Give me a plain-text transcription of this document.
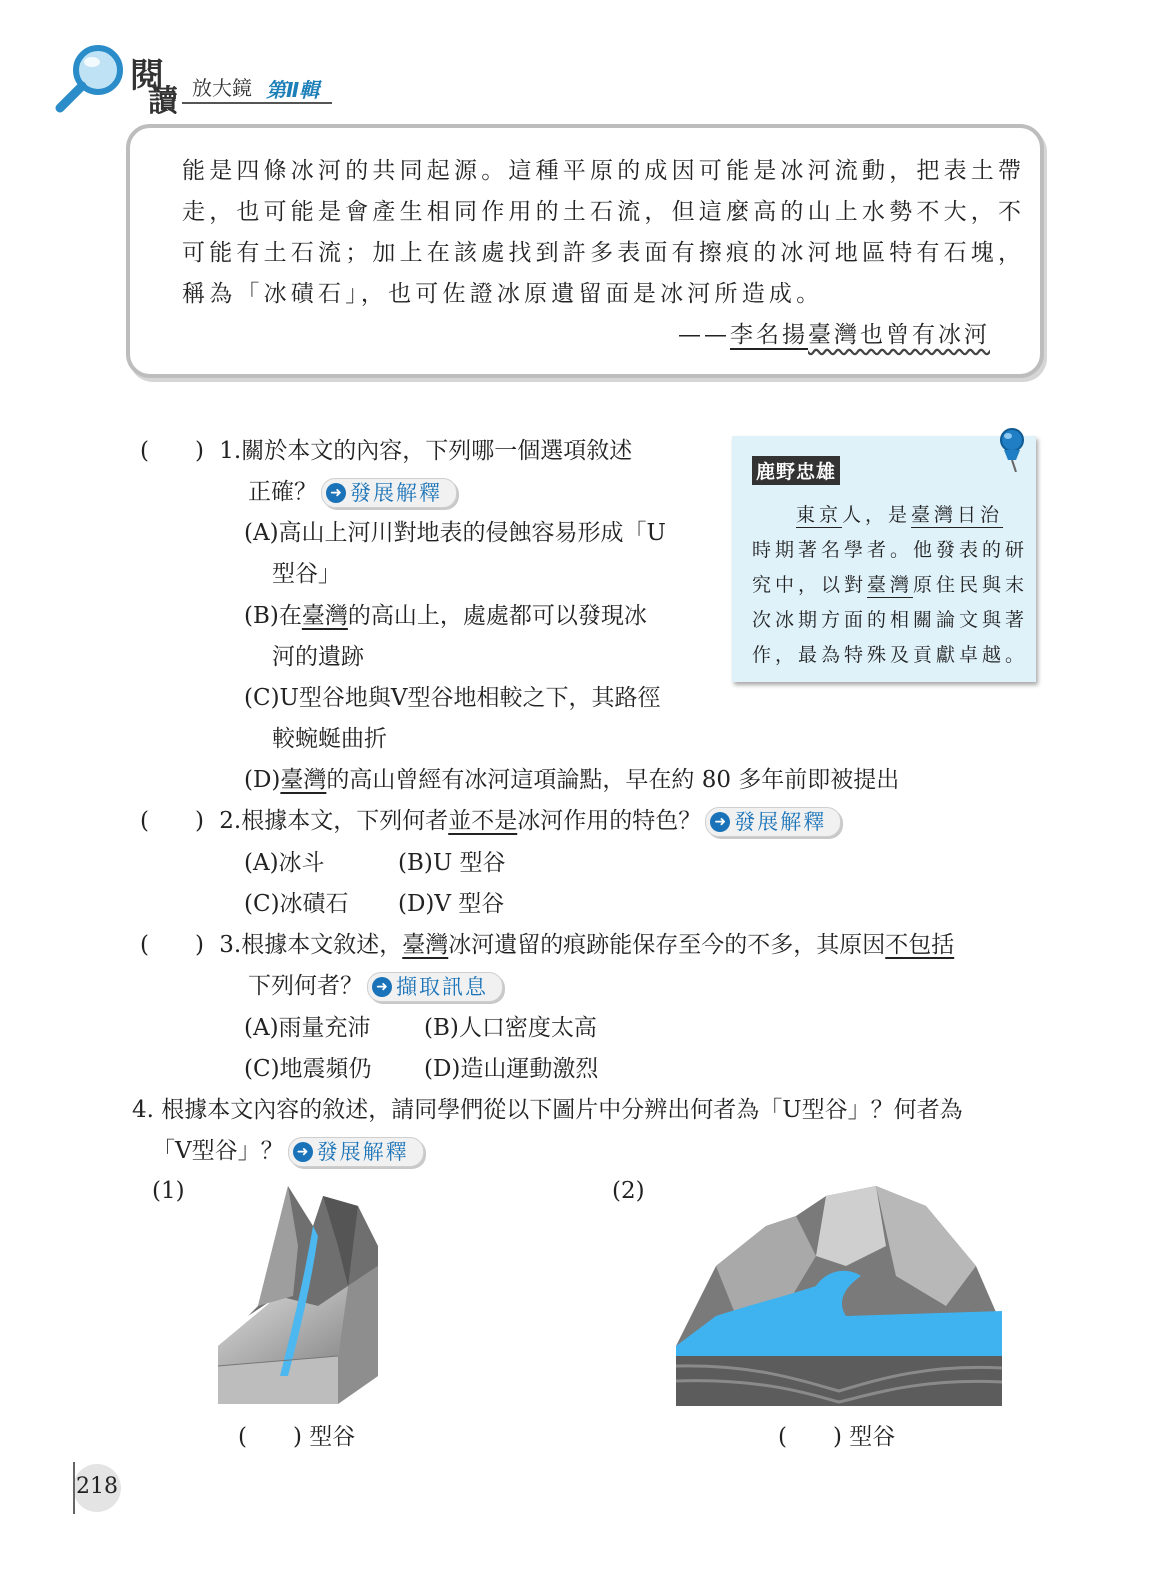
閱
讀 放大鏡 第Ⅱ輯
能是四條冰河的共同起源。這種平原的成因可能是冰河流動，把表土帶
走，也可能是會產生相同作用的土石流，但這麼高的山上水勢不大，不
可能有土石流；加上在該處找到許多表面有擦痕的冰河地區特有石塊，
稱為「冰磧石」，也可佐證冰原遺留面是冰河所造成。
——李名揚臺灣也曾有冰河
鹿野忠雄
東京人，是臺灣日治
時期著名學者。他發表的研
究中，以對臺灣原住民與末
次冰期方面的相關論文與著
作，最為特殊及貢獻卓越。
(　　) 1.關於本文的內容，下列哪一個選項敘述
正確？ ➜ 發展解釋
(A)高山上河川對地表的侵蝕容易形成「U
型谷」
(B)在臺灣的高山上，處處都可以發現冰
河的遺跡
(C)U型谷地與V型谷地相較之下，其路徑
較蜿蜒曲折
(D)臺灣的高山曾經有冰河這項論點，早在約 80 多年前即被提出
(　　) 2.根據本文，下列何者並不是冰河作用的特色？ ➜ 發展解釋
(A)冰斗	(B)U 型谷
(C)冰磧石 (D)V 型谷
(　　) 3.根據本文敘述，臺灣冰河遺留的痕跡能保存至今的不多，其原因不包括
下列何者？ ➜ 擷取訊息
(A)雨量充沛 (B)人口密度太高
(C)地震頻仍 (D)造山運動激烈
4. 根據本文內容的敘述，請同學們從以下圖片中分辨出何者為「U型谷」？何者為
「V型谷」？ ➜ 發展解釋
(1)	(2)
(　　) 型谷	(　　) 型谷
218
